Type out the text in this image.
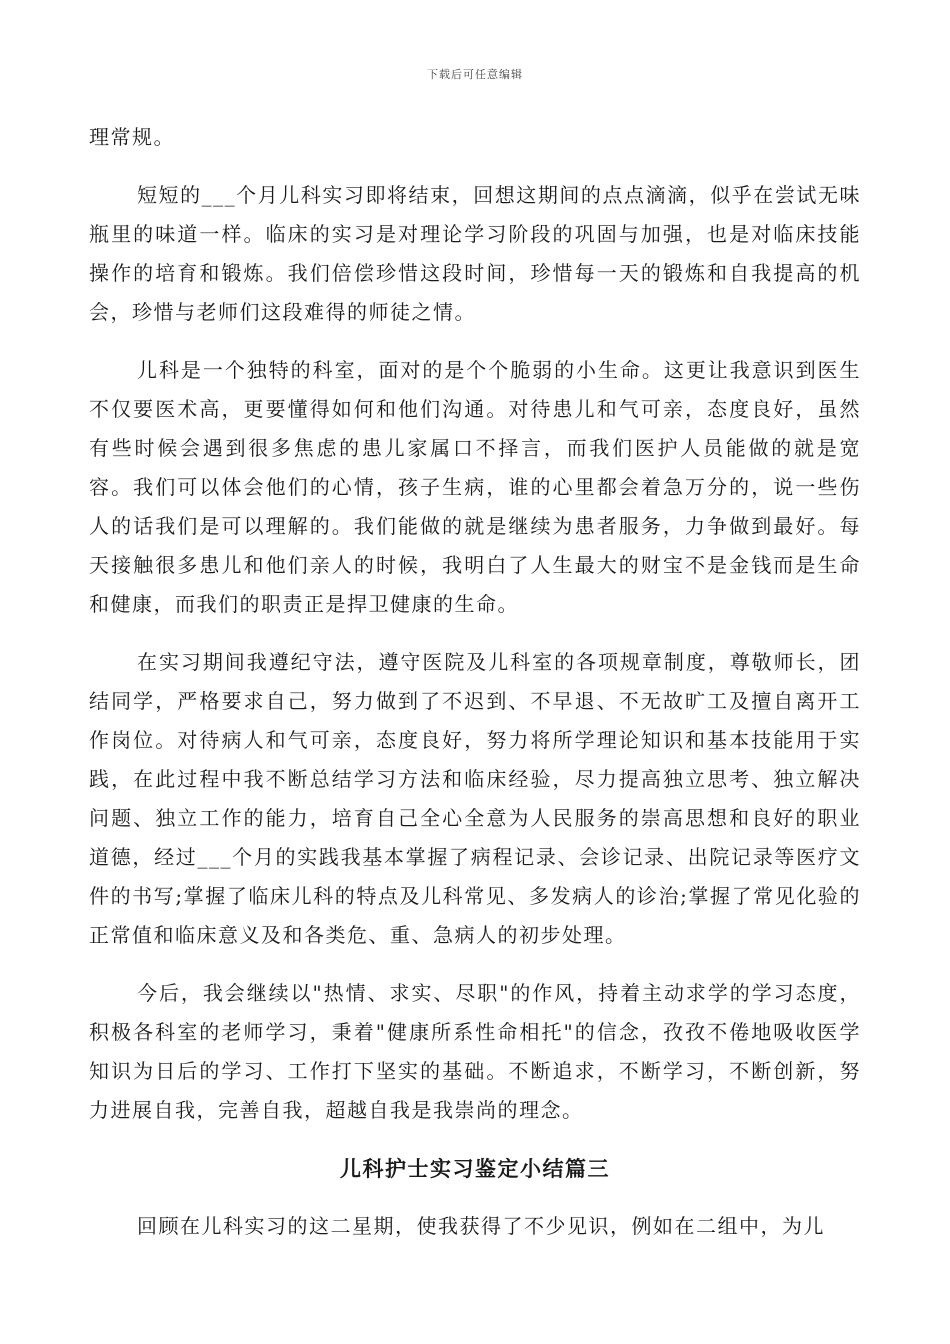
下载后可任意编辑

理常规。

短短的___个月儿科实习即将结束，回想这期间的点点滴滴，似乎在尝试无味瓶里的味道一样。临床的实习是对理论学习阶段的巩固与加强，也是对临床技能操作的培育和锻炼。我们倍偿珍惜这段时间，珍惜每一天的锻炼和自我提高的机会，珍惜与老师们这段难得的师徒之情。

儿科是一个独特的科室，面对的是个个脆弱的小生命。这更让我意识到医生不仅要医术高，更要懂得如何和他们沟通。对待患儿和气可亲，态度良好，虽然有些时候会遇到很多焦虑的患儿家属口不择言，而我们医护人员能做的就是宽容。我们可以体会他们的心情，孩子生病，谁的心里都会着急万分的，说一些伤人的话我们是可以理解的。我们能做的就是继续为患者服务，力争做到最好。每天接触很多患儿和他们亲人的时候，我明白了人生最大的财宝不是金钱而是生命和健康，而我们的职责正是捍卫健康的生命。

在实习期间我遵纪守法，遵守医院及儿科室的各项规章制度，尊敬师长，团结同学，严格要求自己，努力做到了不迟到、不早退、不无故旷工及擅自离开工作岗位。对待病人和气可亲，态度良好，努力将所学理论知识和基本技能用于实践，在此过程中我不断总结学习方法和临床经验，尽力提高独立思考、独立解决问题、独立工作的能力，培育自己全心全意为人民服务的崇高思想和良好的职业道德，经过___个月的实践我基本掌握了病程记录、会诊记录、出院记录等医疗文件的书写;掌握了临床儿科的特点及儿科常见、多发病人的诊治;掌握了常见化验的正常值和临床意义及和各类危、重、急病人的初步处理。

今后，我会继续以"热情、求实、尽职"的作风，持着主动求学的学习态度，积极各科室的老师学习，秉着"健康所系性命相托"的信念，孜孜不倦地吸收医学知识为日后的学习、工作打下坚实的基础。不断追求，不断学习，不断创新，努力进展自我，完善自我，超越自我是我崇尚的理念。

儿科护士实习鉴定小结篇三

回顾在儿科实习的这二星期，使我获得了不少见识，例如在二组中，为儿
